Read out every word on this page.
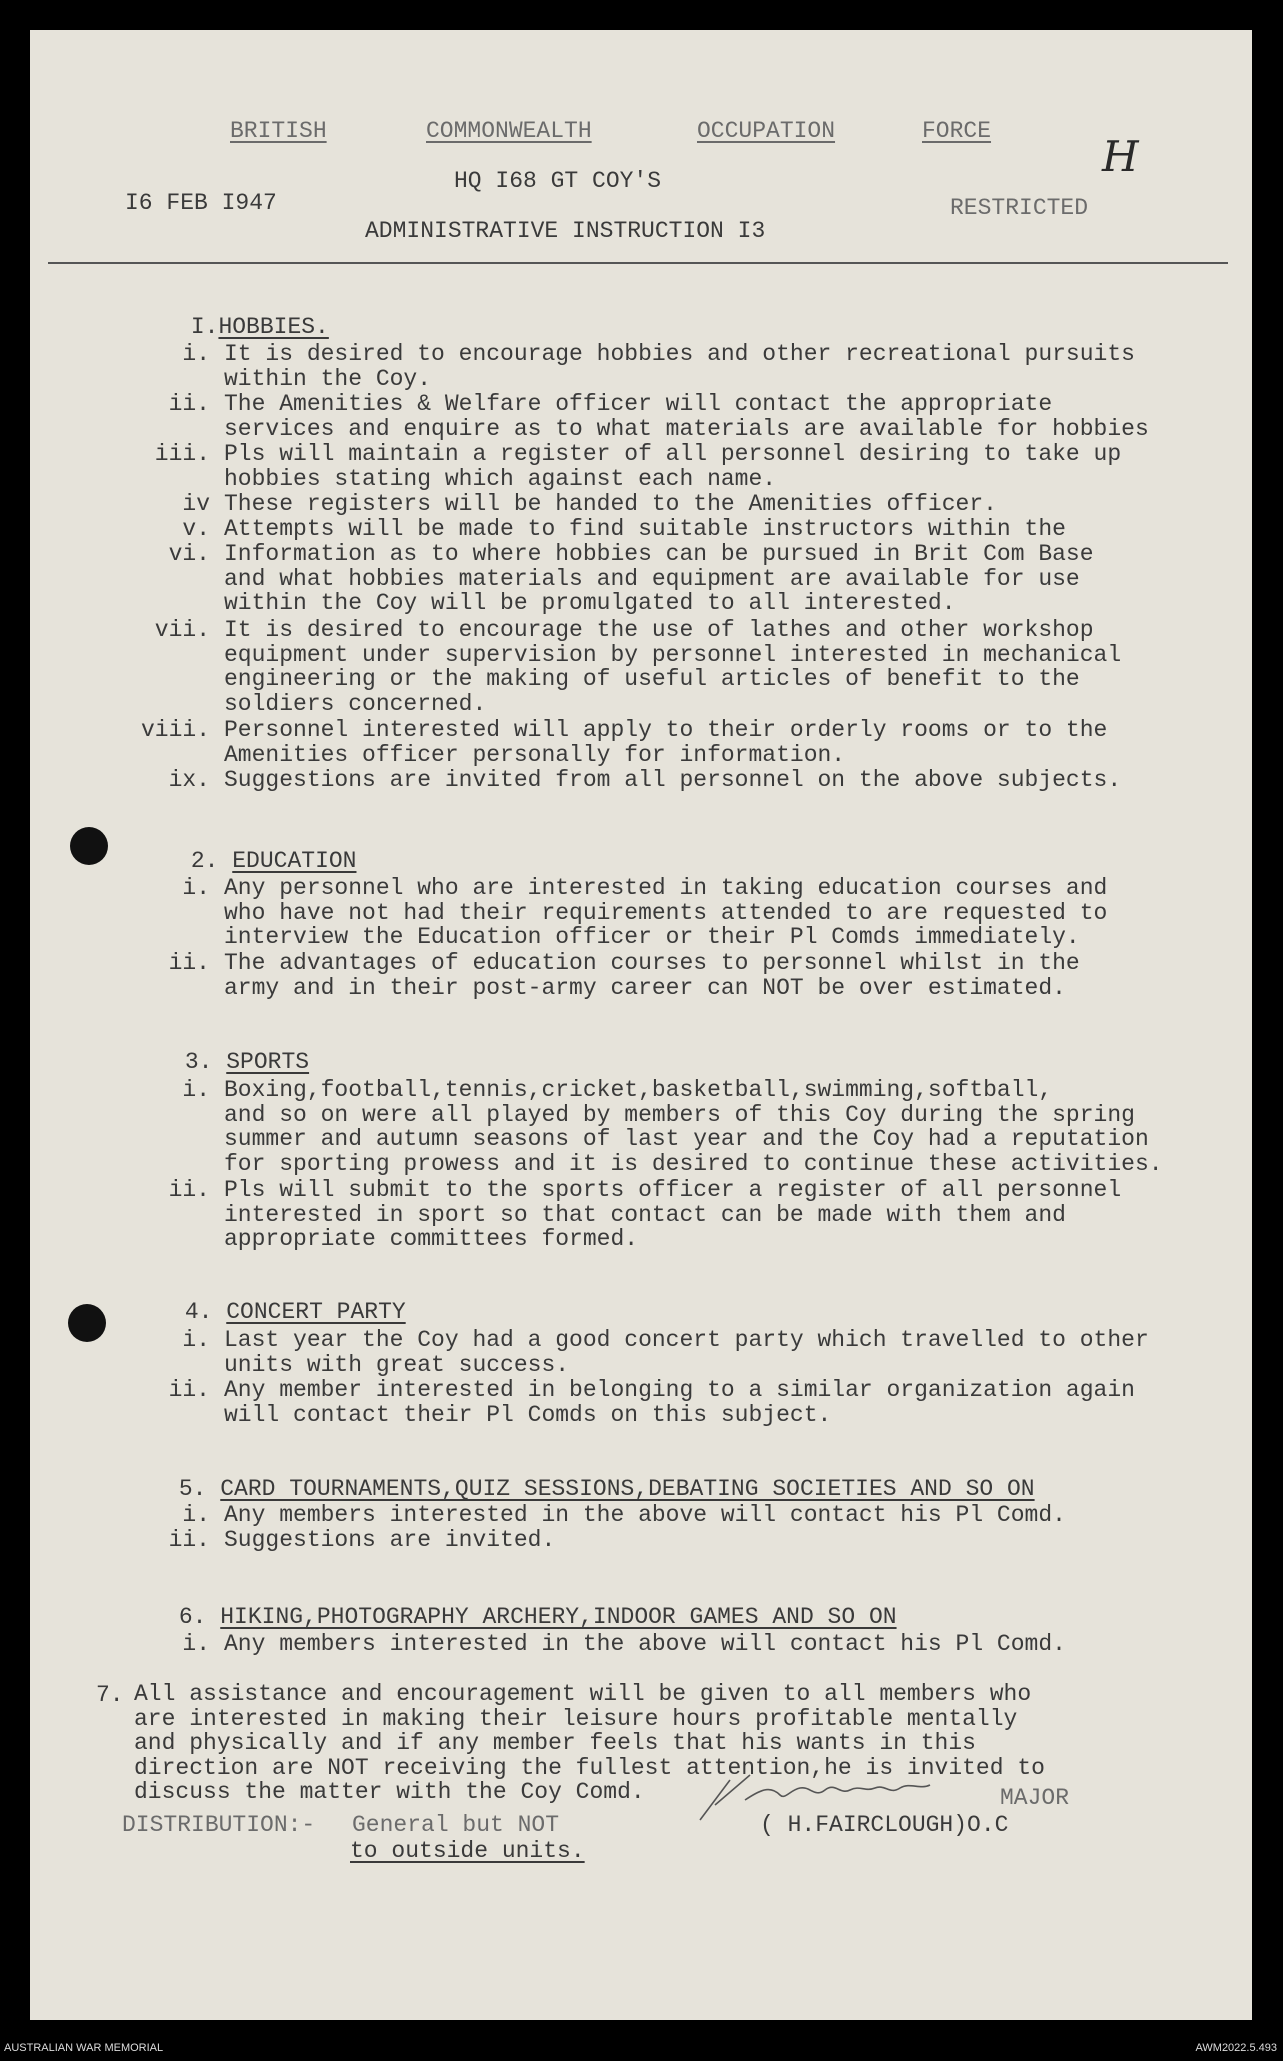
BRITISH	COMMONWEALTH	OCCUPATION	FORCE
HQ I68 GT COY'S
I6 FEB I947	RESTRICTED
ADMINISTRATIVE INSTRUCTION I3
H

I.HOBBIES.

i. It is desired to encourage hobbies and other recreational pursuits
within the Coy.
ii. The Amenities & Welfare officer will contact the appropriate
services and enquire as to what materials are available for hobbies
iii. Pls will maintain a register of all personnel desiring to take up
hobbies stating which against each name.
iv These registers will be handed to the Amenities officer.
v. Attempts will be made to find suitable instructors within the
vi. Information as to where hobbies can be pursued in Brit Com Base
and what hobbies materials and equipment are available for use
within the Coy will be promulgated to all interested.
vii. It is desired to encourage the use of lathes and other workshop
equipment under supervision by personnel interested in mechanical
engineering or the making of useful articles of benefit to the
soldiers concerned.
viii. Personnel interested will apply to their orderly rooms or to the
Amenities officer personally for information.
ix. Suggestions are invited from all personnel on the above subjects.

2. EDUCATION

i. Any personnel who are interested in taking education courses and
who have not had their requirements attended to are requested to
interview the Education officer or their Pl Comds immediately.
ii. The advantages of education courses to personnel whilst in the
army and in their post-army career can NOT be over estimated.

3. SPORTS

i. Boxing,football,tennis,cricket,basketball,swimming,softball,
and so on were all played by members of this Coy during the spring
summer and autumn seasons of last year and the Coy had a reputation
for sporting prowess and it is desired to continue these activities.
ii. Pls will submit to the sports officer a register of all personnel
interested in sport so that contact can be made with them and
appropriate committees formed.

4. CONCERT PARTY

i. Last year the Coy had a good concert party which travelled to other
units with great success.
ii. Any member interested in belonging to a similar organization again
will contact their Pl Comds on this subject.

5. CARD TOURNAMENTS,QUIZ SESSIONS,DEBATING SOCIETIES AND SO ON

i. Any members interested in the above will contact his Pl Comd.
ii. Suggestions are invited.

6. HIKING,PHOTOGRAPHY ARCHERY,INDOOR GAMES AND SO ON

i. Any members interested in the above will contact his Pl Comd.
7. All assistance and encouragement will be given to all members who
are interested in making their leisure hours profitable mentally
and physically and if any member feels that his wants in this
direction are NOT receiving the fullest attention,he is invited to
discuss the matter with the Coy Comd.	MAJOR
( H.FAIRCLOUGH)O.C
DISTRIBUTION:- General but NOT
to outside units.
AUSTRALIAN WAR MEMORIAL	AWM2022.5.493
